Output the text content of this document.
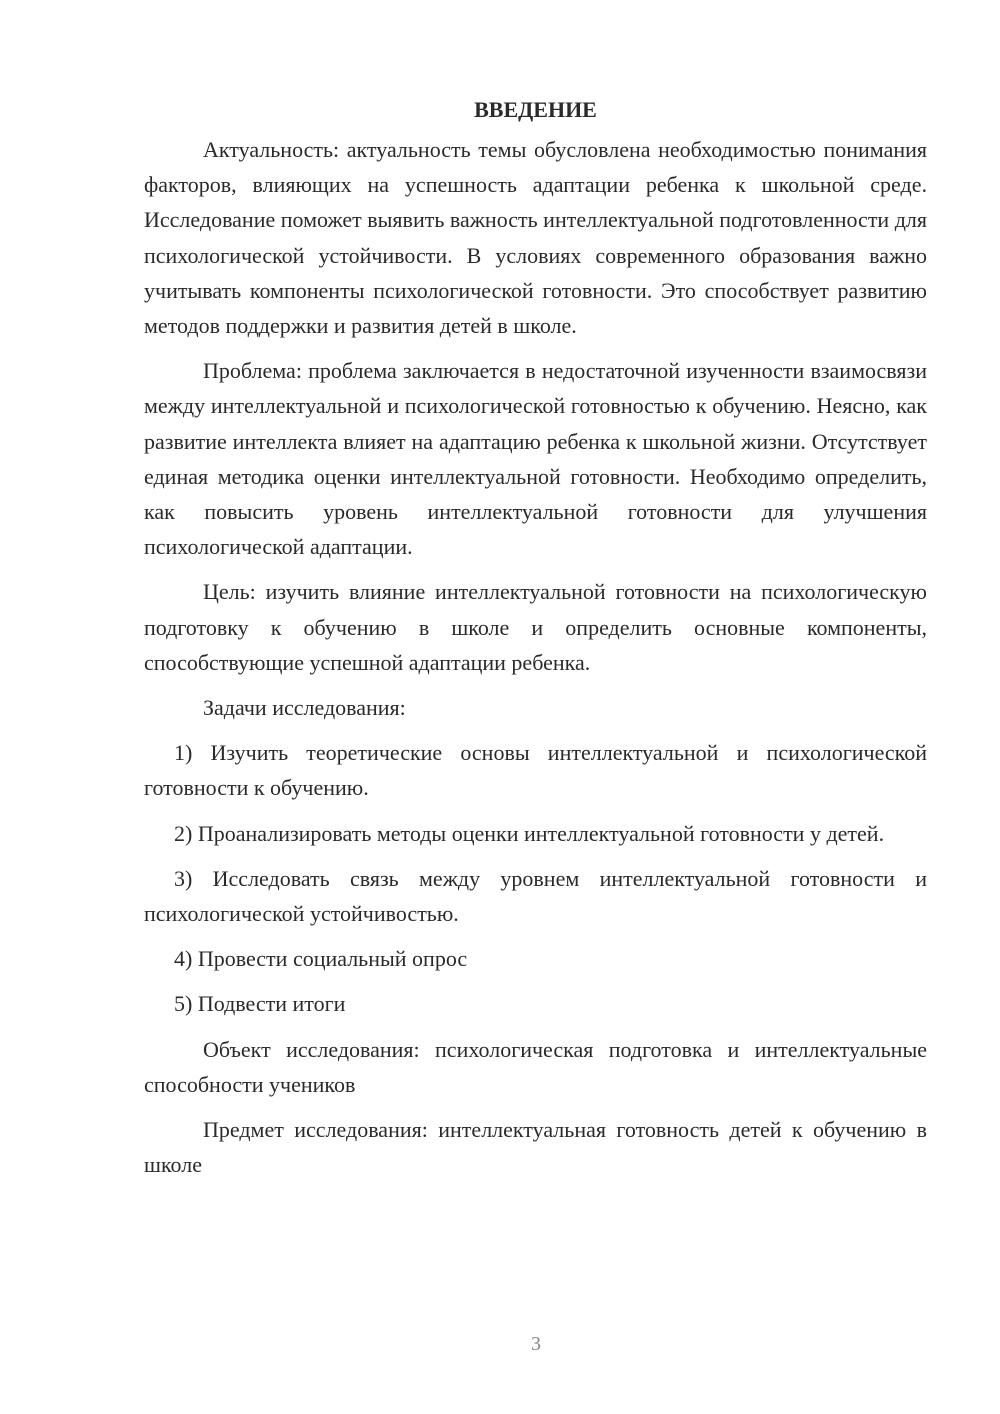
ВВЕДЕНИЕ

Актуальность: актуальность темы обусловлена необходимостью понимания факторов, влияющих на успешность адаптации ребенка к школьной среде. Исследование поможет выявить важность интеллектуальной подготовленности для психологической устойчивости. В условиях современного образования важно учитывать компоненты психологической готовности. Это способствует развитию методов поддержки и развития детей в школе.

Проблема: проблема заключается в недостаточной изученности взаимосвязи между интеллектуальной и психологической готовностью к обучению. Неясно, как развитие интеллекта влияет на адаптацию ребенка к школьной жизни. Отсутствует единая методика оценки интеллектуальной готовности. Необходимо определить, как повысить уровень интеллектуальной готовности для улучшения психологической адаптации.

Цель: изучить влияние интеллектуальной готовности на психологическую подготовку к обучению в школе и определить основные компоненты, способствующие успешной адаптации ребенка.

Задачи исследования:

1) Изучить теоретические основы интеллектуальной и психологической готовности к обучению.

2) Проанализировать методы оценки интеллектуальной готовности у детей.

3) Исследовать связь между уровнем интеллектуальной готовности и психологической устойчивостью.

4) Провести социальный опрос

5) Подвести итоги

Объект исследования: психологическая подготовка и интеллектуальные способности учеников

Предмет исследования: интеллектуальная готовность детей к обучению в школе

3
